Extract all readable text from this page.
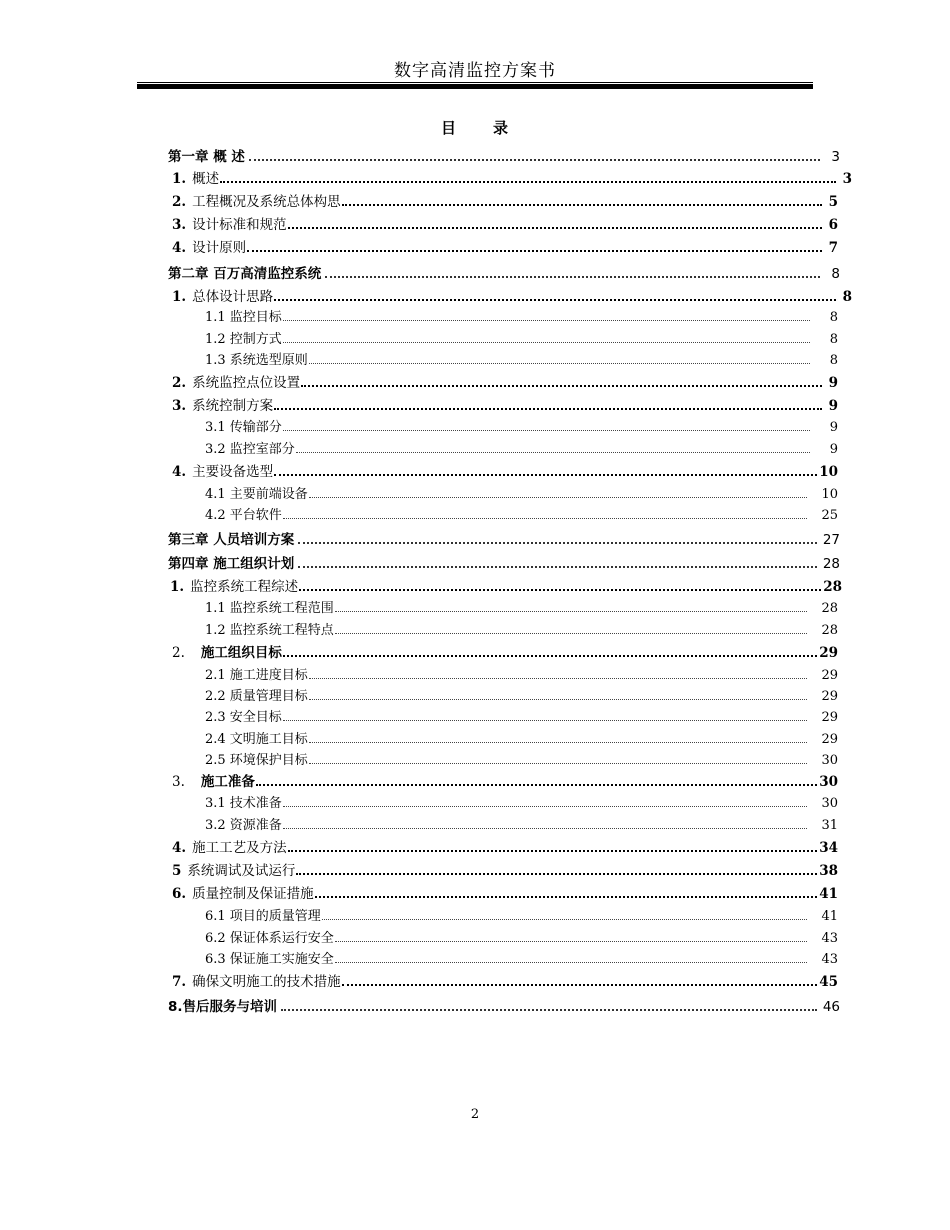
数字高清监控方案书
目 录
第一章 概 述	3
1. 概述	3
2. 工程概况及系统总体构思	5
3. 设计标准和规范	6
4. 设计原则	7
第二章 百万高清监控系统	8
1. 总体设计思路	8
1.1 监控目标	8
1.2 控制方式	8
1.3 系统选型原则	8
2. 系统监控点位设置	9
3. 系统控制方案	9
3.1 传输部分	9
3.2 监控室部分	9
4. 主要设备选型	10
4.1 主要前端设备	10
4.2 平台软件	25
第三章 人员培训方案	27
第四章 施工组织计划	28
1. 监控系统工程综述	28
1.1 监控系统工程范围	28
1.2 监控系统工程特点	28
2. 施工组织目标	29
2.1 施工进度目标	29
2.2 质量管理目标	29
2.3 安全目标	29
2.4 文明施工目标	29
2.5 环境保护目标	30
3. 施工准备	30
3.1 技术准备	30
3.2 资源准备	31
4. 施工工艺及方法	34
5 系统调试及试运行	38
6. 质量控制及保证措施	41
6.1 项目的质量管理	41
6.2 保证体系运行安全	43
6.3 保证施工实施安全	43
7. 确保文明施工的技术措施	45
8. 售后服务与培训	46
2
